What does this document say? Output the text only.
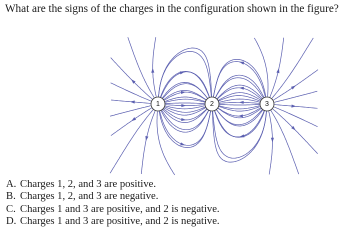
What are the signs of the charges in the configuration shown in the figure?
1	2	3
A. Charges 1, 2, and 3 are positive.
B. Charges 1, 2, and 3 are negative.
C. Charges 1 and 3 are positive, and 2 is negative.
D. Charges 1 and 3 are positive, and 2 is negative.
